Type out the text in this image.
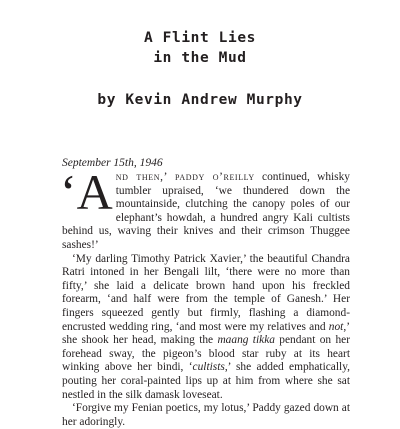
A Flint Lies
in the Mud
by Kevin Andrew Murphy
September 15th, 1946

‘And then,’ paddy o’reilly continued, whisky tumbler upraised, ‘we thundered down the mountainside, clutching the canopy poles of our elephant’s howdah, a hundred angry Kali cultists behind us, waving their knives and their crimson Thuggee sashes!’

‘My darling Timothy Patrick Xavier,’ the beautiful Chandra Ratri intoned in her Bengali lilt, ‘there were no more than fifty,’ she laid a delicate brown hand upon his freckled forearm, ‘and half were from the temple of Ganesh.’ Her fingers squeezed gently but firmly, flashing a diamond-encrusted wedding ring, ‘and most were my relatives and not,’ she shook her head, making the maang tikka pendant on her forehead sway, the pigeon’s blood star ruby at its heart winking above her bindi, ‘cultists,’ she added emphatically, pouting her coral-painted lips up at him from where she sat nestled in the silk damask loveseat.

‘Forgive my Fenian poetics, my lotus,’ Paddy gazed down at her adoringly.
